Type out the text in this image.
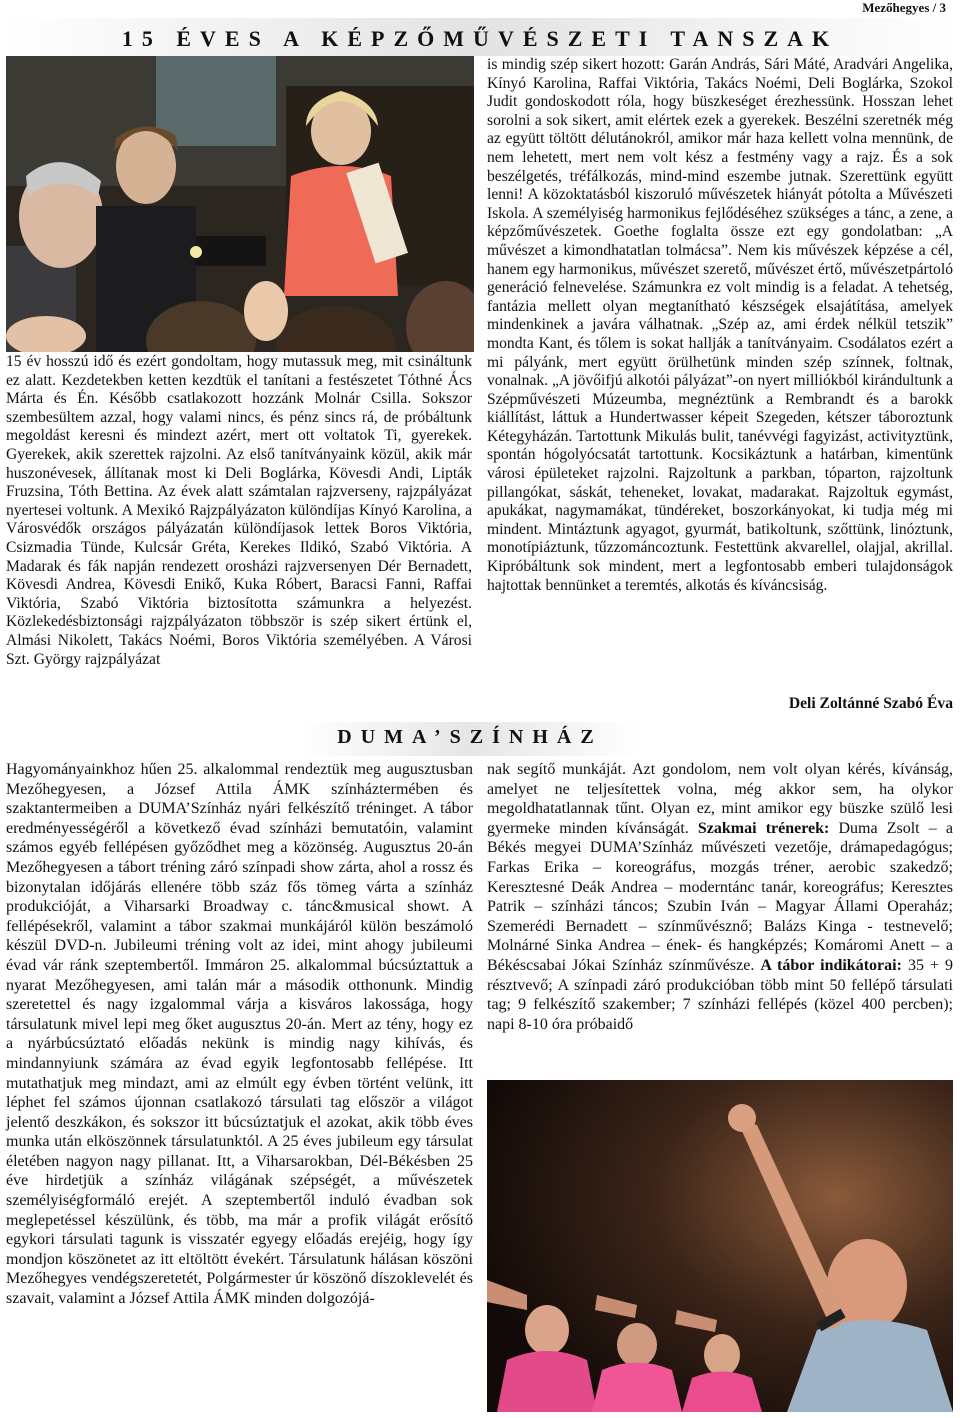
Mezőhegyes / 3
15 ÉVES A KÉPZŐMŰVÉSZETI TANSZAK
15 év hosszú idő és ezért gondoltam, hogy mutassuk meg, mit csináltunk ez alatt. Kezdetekben ketten kezdtük el tanítani a festészetet Tóthné Ács Márta és Én. Később csatlakozott hozzánk Molnár Csilla. Sokszor szembesültem azzal, hogy valami nincs, és pénz sincs rá, de próbáltunk megoldást keresni és mindezt azért, mert ott voltatok Ti, gyerekek. Gyerekek, akik szerettek rajzolni. Az első tanítványaink közül, akik már huszonévesek, állítanak most ki Deli Boglárka, Kövesdi Andi, Lipták Fruzsina, Tóth Bettina. Az évek alatt számtalan rajzverseny, rajzpályázat nyertesei voltunk. A Mexikó Rajzpályázaton különdíjas Kínyó Karolina, a Városvédők országos pályázatán különdíjasok lettek Boros Viktória, Csizmadia Tünde, Kulcsár Gréta, Kerekes Ildikó, Szabó Viktória. A Madarak és fák napján rendezett orosházi rajzversenyen Dér Bernadett, Kövesdi Andrea, Kövesdi Enikő, Kuka Róbert, Baracsi Fanni, Raffai Viktória, Szabó Viktória biztosította számunkra a helyezést. Közlekedésbiztonsági rajzpályázaton többször is szép sikert értünk el, Almási Nikolett, Takács Noémi, Boros Viktória személyében. A Városi Szt. György rajzpályázat

is mindig szép sikert hozott: Garán András, Sári Máté, Aradvári Angelika, Kínyó Karolina, Raffai Viktória, Takács Noémi, Deli Boglárka, Szokol Judit gondoskodott róla, hogy büszkeséget érezhessünk. Hosszan lehet sorolni a sok sikert, amit elértek ezek a gyerekek. Beszélni szeretnék még az együtt töltött délutánokról, amikor már haza kellett volna mennünk, de nem lehetett, mert nem volt kész a festmény vagy a rajz. És a sok beszélgetés, tréfálkozás, mind-mind eszembe jutnak. Szerettünk együtt lenni! A közoktatásból kiszoruló művészetek hiányát pótolta a Művészeti Iskola. A személyiség harmonikus fejlődéséhez szükséges a tánc, a zene, a képzőművészetek. Goethe foglalta össze ezt egy gondolatban: „A művészet a kimondhatatlan tolmácsa”. Nem kis művészek képzése a cél, hanem egy harmonikus, művészet szerető, művészet értő, művészetpártoló generáció felnevelése. Számunkra ez volt mindig is a feladat. A tehetség, fantázia mellett olyan megtanítható készségek elsajátítása, amelyek mindenkinek a javára válhatnak. „Szép az, ami érdek nélkül tetszik” mondta Kant, és tőlem is sokat hallják a tanítványaim. Csodálatos ezért a mi pályánk, mert együtt örülhetünk minden szép színnek, foltnak, vonalnak. „A jövőifjú alkotói pályázat”-on nyert milliókból kirándultunk a Szépművészeti Múzeumba, megnéztünk a Rembrandt és a barokk kiállítást, láttuk a Hundertwasser képeit Szegeden, kétszer táboroztunk Kétegyházán. Tartottunk Mikulás bulit, tanévvégi fagyizást, activityztünk, spontán hógolyócsatát tartottunk. Kocsikáztunk a határban, kimentünk városi épületeket rajzolni. Rajzoltunk a parkban, tóparton, rajzoltunk pillangókat, sáskát, teheneket, lovakat, madarakat. Rajzoltuk egymást, apukákat, nagymamákat, tündéreket, boszorkányokat, ki tudja még mi mindent. Mintáztunk agyagot, gyurmát, batikoltunk, szőttünk, linóztunk, monotípiáztunk, tűzzománcoztunk. Festettünk akvarellel, olajjal, akrillal. Kipróbáltunk sok mindent, mert a legfontosabb emberi tulajdonságok hajtottak bennünket a teremtés, alkotás és kíváncsiság.

Deli Zoltánné Szabó Éva
DUMA’SZÍNHÁZ
Hagyományainkhoz hűen 25. alkalommal rendeztük meg augusztusban Mezőhegyesen, a József Attila ÁMK színháztermében és szaktantermeiben a DUMA’Színház nyári felkészítő tréninget. A tábor eredményességéről a következő évad színházi bemutatóin, valamint számos egyéb fellépésen győződhet meg a közönség. Augusztus 20-án Mezőhegyesen a tábort tréning záró színpadi show zárta, ahol a rossz és bizonytalan időjárás ellenére több száz fős tömeg várta a színház produkcióját, a Viharsarki Broadway c. tánc&musical showt. A fellépésekről, valamint a tábor szakmai munkájáról külön beszámoló készül DVD-n. Jubileumi tréning volt az idei, mint ahogy jubileumi évad vár ránk szeptembertől. Immáron 25. alkalommal búcsúztattuk a nyarat Mezőhegyesen, ami talán már a második otthonunk. Mindig szeretettel és nagy izgalommal várja a kisváros lakossága, hogy társulatunk mivel lepi meg őket augusztus 20-án. Mert az tény, hogy ez a nyárbúcsúztató előadás nekünk is mindig nagy kihívás, és mindannyiunk számára az évad egyik legfontosabb fellépése. Itt mutathatjuk meg mindazt, ami az elmúlt egy évben történt velünk, itt léphet fel számos újonnan csatlakozó társulati tag először a világot jelentő deszkákon, és sokszor itt búcsúztatjuk el azokat, akik több éves munka után elköszönnek társulatunktól. A 25 éves jubileum egy társulat életében nagyon nagy pillanat. Itt, a Viharsarokban, Dél-Békésben 25 éve hirdetjük a színház világának szépségét, a művészetek személyiségformáló erejét. A szeptembertől induló évadban sok meglepetéssel készülünk, és több, ma már a profik világát erősítő egykori társulati tagunk is visszatér egyegy előadás erejéig, hogy így mondjon köszönetet az itt eltöltött évekért. Társulatunk hálásan köszöni Mezőhegyes vendégszeretetét, Polgármester úr köszönő díszoklevelét és szavait, valamint a József Attila ÁMK minden dolgozójá-
nak segítő munkáját. Azt gondolom, nem volt olyan kérés, kívánság, amelyet ne teljesítettek volna, még akkor sem, ha olykor megoldhatatlannak tűnt. Olyan ez, mint amikor egy büszke szülő lesi gyermeke minden kívánságát. Szakmai trénerek: Duma Zsolt – a Békés megyei DUMA’Színház művészeti vezetője, drámapedagógus; Farkas Erika – koreográfus, mozgás tréner, aerobic szakedző; Keresztesné Deák Andrea – moderntánc tanár, koreográfus; Keresztes Patrik – színházi táncos; Szubin Iván – Magyar Állami Operaház; Szemerédi Bernadett – színművésznő; Balázs Kinga - testnevelő; Molnárné Sinka Andrea – ének- és hangképzés; Komáromi Anett – a Békéscsabai Jókai Színház színművésze. A tábor indikátorai: 35 + 9 résztvevő; A színpadi záró produkcióban több mint 50 fellépő társulati tag; 9 felkészítő szakember; 7 színházi fellépés (közel 400 percben); napi 8-10 óra próbaidő
